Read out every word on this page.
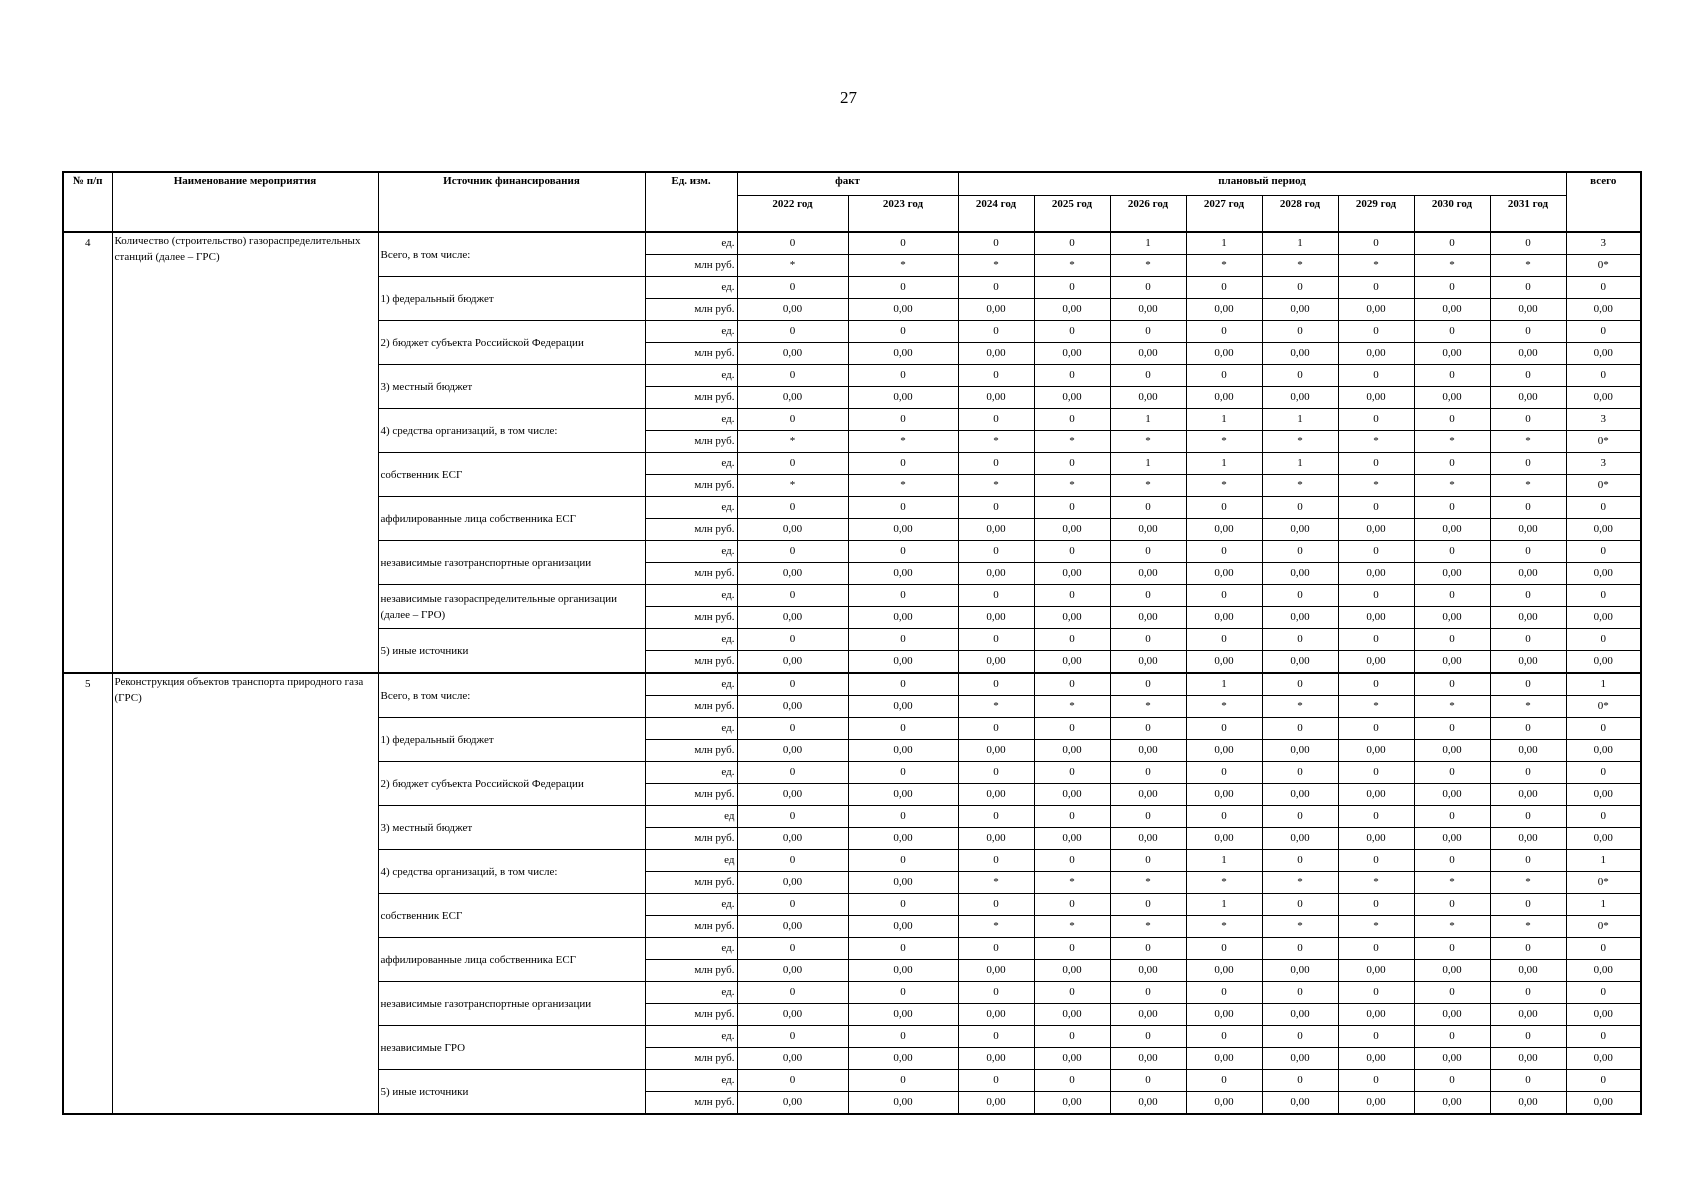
27
№ п/п	Наименование мероприятия	Источник финансирования	Ед. изм.	факт		плановый период								всего
				2022 год	2023 год	2024 год	2025 год	2026 год	2027 год	2028 год	2029 год	2030 год	2031 год	
4	Количество (строительство) газораспределительных станций (далее – ГРС)	Всего, в том числе:	ед.	0	0	0	0	1	1	1	0	0	0	3
			млн руб.	*	*	*	*	*	*	*	*	*	*	0*
		1) федеральный бюджет	ед.	0	0	0	0	0	0	0	0	0	0	0
			млн руб.	0,00	0,00	0,00	0,00	0,00	0,00	0,00	0,00	0,00	0,00	0,00
		2) бюджет субъекта Российской Федерации	ед.	0	0	0	0	0	0	0	0	0	0	0
			млн руб.	0,00	0,00	0,00	0,00	0,00	0,00	0,00	0,00	0,00	0,00	0,00
		3) местный бюджет	ед.	0	0	0	0	0	0	0	0	0	0	0
			млн руб.	0,00	0,00	0,00	0,00	0,00	0,00	0,00	0,00	0,00	0,00	0,00
		4) средства организаций, в том числе:	ед.	0	0	0	0	1	1	1	0	0	0	3
			млн руб.	*	*	*	*	*	*	*	*	*	*	0*
		собственник ЕСГ	ед.	0	0	0	0	1	1	1	0	0	0	3
			млн руб.	*	*	*	*	*	*	*	*	*	*	0*
		аффилированные лица собственника ЕСГ	ед.	0	0	0	0	0	0	0	0	0	0	0
			млн руб.	0,00	0,00	0,00	0,00	0,00	0,00	0,00	0,00	0,00	0,00	0,00
		независимые газотранспортные организации	ед.	0	0	0	0	0	0	0	0	0	0	0
			млн руб.	0,00	0,00	0,00	0,00	0,00	0,00	0,00	0,00	0,00	0,00	0,00
		независимые газораспределительные организации (далее – ГРО)	ед.	0	0	0	0	0	0	0	0	0	0	0
			млн руб.	0,00	0,00	0,00	0,00	0,00	0,00	0,00	0,00	0,00	0,00	0,00
		5) иные источники	ед.	0	0	0	0	0	0	0	0	0	0	0
			млн руб.	0,00	0,00	0,00	0,00	0,00	0,00	0,00	0,00	0,00	0,00	0,00
5	Реконструкция объектов транспорта природного газа (ГРС)	Всего, в том числе:	ед.	0	0	0	0	0	1	0	0	0	0	1
			млн руб.	0,00	0,00	*	*	*	*	*	*	*	*	0*
		1) федеральный бюджет	ед.	0	0	0	0	0	0	0	0	0	0	0
			млн руб.	0,00	0,00	0,00	0,00	0,00	0,00	0,00	0,00	0,00	0,00	0,00
		2) бюджет субъекта Российской Федерации	ед.	0	0	0	0	0	0	0	0	0	0	0
			млн руб.	0,00	0,00	0,00	0,00	0,00	0,00	0,00	0,00	0,00	0,00	0,00
		3) местный бюджет	ед	0	0	0	0	0	0	0	0	0	0	0
			млн руб.	0,00	0,00	0,00	0,00	0,00	0,00	0,00	0,00	0,00	0,00	0,00
		4) средства организаций, в том числе:	ед	0	0	0	0	0	1	0	0	0	0	1
			млн руб.	0,00	0,00	*	*	*	*	*	*	*	*	0*
		собственник ЕСГ	ед.	0	0	0	0	0	1	0	0	0	0	1
			млн руб.	0,00	0,00	*	*	*	*	*	*	*	*	0*
		аффилированные лица собственника ЕСГ	ед.	0	0	0	0	0	0	0	0	0	0	0
			млн руб.	0,00	0,00	0,00	0,00	0,00	0,00	0,00	0,00	0,00	0,00	0,00
		независимые газотранспортные организации	ед.	0	0	0	0	0	0	0	0	0	0	0
			млн руб.	0,00	0,00	0,00	0,00	0,00	0,00	0,00	0,00	0,00	0,00	0,00
		независимые ГРО	ед.	0	0	0	0	0	0	0	0	0	0	0
			млн руб.	0,00	0,00	0,00	0,00	0,00	0,00	0,00	0,00	0,00	0,00	0,00
		5) иные источники	ед.	0	0	0	0	0	0	0	0	0	0	0
			млн руб.	0,00	0,00	0,00	0,00	0,00	0,00	0,00	0,00	0,00	0,00	0,00
